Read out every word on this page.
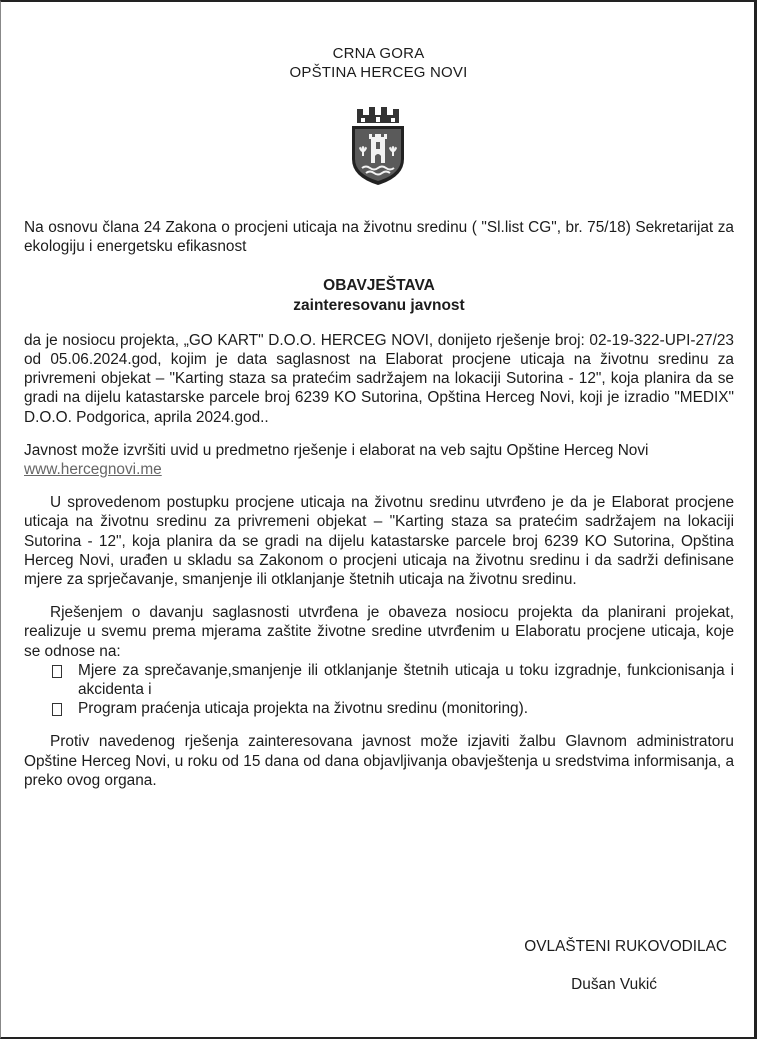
CRNA GORA
OPŠTINA HERCEG NOVI

Na osnovu člana 24 Zakona o procjeni uticaja na životnu sredinu ( "Sl.list CG", br. 75/18) Sekretarijat za ekologiju i energetsku efikasnost

OBAVJEŠTAVA

zainteresovanu javnost

da je nosiocu projekta, „GO KART" D.O.O. HERCEG NOVI, donijeto rješenje broj: 02-19-322-UPI-27/23 od 05.06.2024.god, kojim je data saglasnost na Elaborat procjene uticaja na životnu sredinu za privremeni objekat – "Karting staza sa pratećim sadržajem na lokaciji Sutorina - 12", koja planira da se gradi na dijelu katastarske parcele broj 6239 KO Sutorina, Opština Herceg Novi, koji je izradio "MEDIX" D.O.O. Podgorica, aprila 2024.god..

Javnost može izvršiti uvid u predmetno rješenje i elaborat na veb sajtu Opštine Herceg Novi
www.hercegnovi.me

U sprovedenom postupku procjene uticaja na životnu sredinu utvrđeno je da je Elaborat procjene uticaja na životnu sredinu za privremeni objekat – "Karting staza sa pratećim sadržajem na lokaciji Sutorina - 12", koja planira da se gradi na dijelu katastarske parcele broj 6239 KO Sutorina, Opština Herceg Novi, urađen u skladu sa Zakonom o procjeni uticaja na životnu sredinu i da sadrži definisane mjere za sprječavanje, smanjenje ili otklanjanje štetnih uticaja na životnu sredinu.

Rješenjem o davanju saglasnosti utvrđena je obaveza nosiocu projekta da planirani projekat, realizuje u svemu prema mjerama zaštite životne sredine utvrđenim u Elaboratu procjene uticaja, koje se odnose na:

Mjere za sprečavanje,smanjenje ili otklanjanje štetnih uticaja u toku izgradnje, funkcionisanja i akcidenta i
Program praćenja uticaja projekta na životnu sredinu (monitoring).

Protiv navedenog rješenja zainteresovana javnost može izjaviti žalbu Glavnom administratoru Opštine Herceg Novi, u roku od 15 dana od dana objavljivanja obavještenja u sredstvima informisanja, a preko ovog organa.

OVLAŠTENI RUKOVODILAC
Dušan Vukić
